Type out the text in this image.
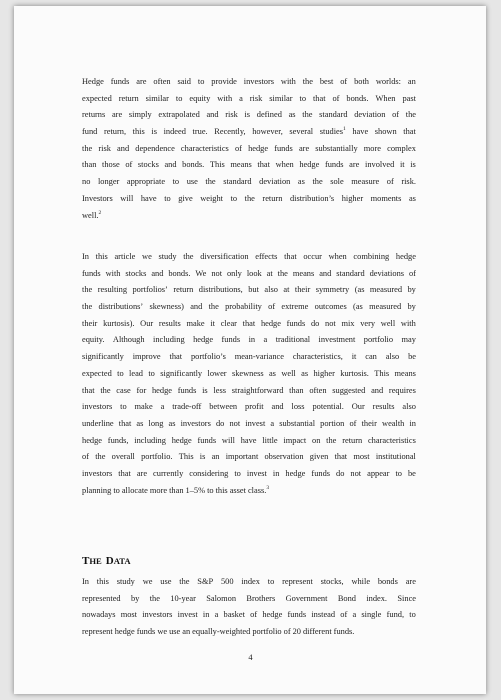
Hedge funds are often said to provide investors with the best of both worlds: an
expected return similar to equity with a risk similar to that of bonds. When past
returns are simply extrapolated and risk is defined as the standard deviation of the
fund return, this is indeed true. Recently, however, several studies$^1$ have shown that
the risk and dependence characteristics of hedge funds are substantially more complex
than those of stocks and bonds. This means that when hedge funds are involved it is
no longer appropriate to use the standard deviation as the sole measure of risk.
Investors will have to give weight to the return distribution’s higher moments as
well.$^2$
In this article we study the diversification effects that occur when combining hedge
funds with stocks and bonds. We not only look at the means and standard deviations of
the resulting portfolios’ return distributions, but also at their symmetry (as measured by
the distributions’ skewness) and the probability of extreme outcomes (as measured by
their kurtosis). Our results make it clear that hedge funds do not mix very well with
equity. Although including hedge funds in a traditional investment portfolio may
significantly improve that portfolio’s mean-variance characteristics, it can also be
expected to lead to significantly lower skewness as well as higher kurtosis. This means
that the case for hedge funds is less straightforward than often suggested and requires
investors to make a trade-off between profit and loss potential. Our results also
underline that as long as investors do not invest a substantial portion of their wealth in
hedge funds, including hedge funds will have little impact on the return characteristics
of the overall portfolio. This is an important observation given that most institutional
investors that are currently considering to invest in hedge funds do not appear to be
planning to allocate more than 1–5% to this asset class.$^3$
THE DATA
In this study we use the S&P 500 index to represent stocks, while bonds are
represented by the 10-year Salomon Brothers Government Bond index. Since
nowadays most investors invest in a basket of hedge funds instead of a single fund, to
represent hedge funds we use an equally-weighted portfolio of 20 different funds.
4
